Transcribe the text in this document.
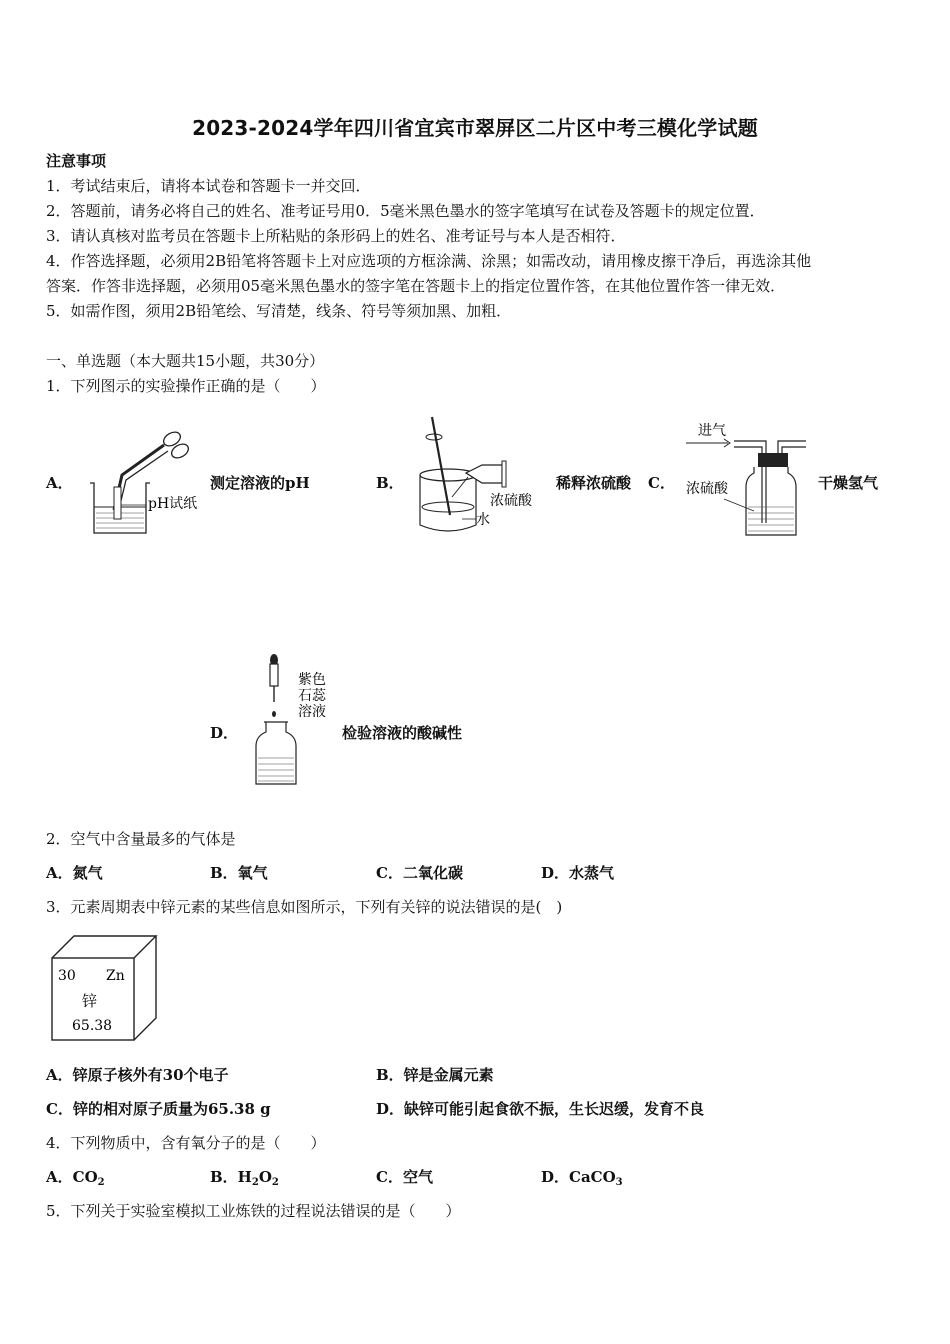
2023-2024学年四川省宜宾市翠屏区二片区中考三模化学试题
注意事项
1．考试结束后，请将本试卷和答题卡一并交回．
2．答题前，请务必将自己的姓名、准考证号用0．5毫米黑色墨水的签字笔填写在试卷及答题卡的规定位置．
3．请认真核对监考员在答题卡上所粘贴的条形码上的姓名、准考证号与本人是否相符．
4．作答选择题，必须用2B铅笔将答题卡上对应选项的方框涂满、涂黑；如需改动，请用橡皮擦干净后，再选涂其他
答案．作答非选择题，必须用05毫米黑色墨水的签字笔在答题卡上的指定位置作答，在其他位置作答一律无效．
5．如需作图，须用2B铅笔绘、写清楚，线条、符号等须加黑、加粗．
一、单选题（本大题共15小题，共30分）
1．下列图示的实验操作正确的是（　　）
A．
pH试纸
测定溶液的pH	B．
浓硫酸
水
稀释浓硫酸 C．
进气
浓硫酸	干燥氢气
D．
紫色
石蕊
溶液
检验溶液的酸碱性
2．空气中含量最多的气体是
A．氮气	B．氧气	C．二氧化碳	D．水蒸气
3．元素周期表中锌元素的某些信息如图所示，下列有关锌的说法错误的是(　)
30 Zn
锌
65.38
A．锌原子核外有30个电子	B．锌是金属元素
C．锌的相对原子质量为65.38 g	D．缺锌可能引起食欲不振，生长迟缓，发育不良
4．下列物质中，含有氧分子的是（　　）
A．$CO_2$	B．$H_2O_2$	C．空气	D．CaCO$_3$
5．下列关于实验室模拟工业炼铁的过程说法错误的是（　　）
